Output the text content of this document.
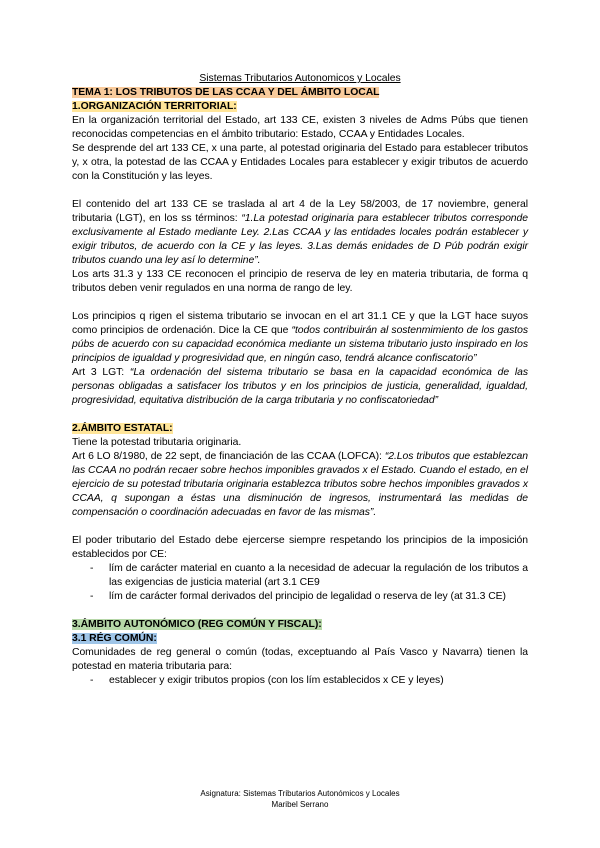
Sistemas Tributarios Autonomicos y Locales
TEMA 1: LOS TRIBUTOS DE LAS CCAA Y DEL ÁMBITO LOCAL
1.ORGANIZACIÓN TERRITORIAL:

En la organización territorial del Estado, art 133 CE, existen 3 niveles de Adms Púbs que tienen reconocidas competencias en el ámbito tributario: Estado, CCAA y Entidades Locales.

Se desprende del art 133 CE, x una parte, al potestad originaria del Estado para establecer tributos y, x otra, la potestad de las CCAA y Entidades Locales para establecer y exigir tributos de acuerdo con la Constitución y las leyes.

El contenido del art 133 CE se traslada al art 4 de la Ley 58/2003, de 17 noviembre, general tributaria (LGT), en los ss términos: “1.La potestad originaria para establecer tributos corresponde exclusivamente al Estado mediante Ley. 2.Las CCAA y las entidades locales podrán establecer y exigir tributos, de acuerdo con la CE y las leyes. 3.Las demás enidades de D Púb podrán exigir tributos cuando una ley así lo determine”.

Los arts 31.3 y 133 CE reconocen el principio de reserva de ley en materia tributaria, de forma q tributos deben venir regulados en una norma de rango de ley.

Los principios q rigen el sistema tributario se invocan en el art 31.1 CE y que la LGT hace suyos como principios de ordenación. Dice la CE que “todos contribuirán al sostenmimiento de los gastos púbs de acuerdo con su capacidad económica mediante un sistema tributario justo inspirado en los principios de igualdad y progresividad que, en ningún caso, tendrá alcance confiscatorio”

Art 3 LGT: “La ordenación del sistema tributario se basa en la capacidad económica de las personas obligadas a satisfacer los tributos y en los principios de justicia, generalidad, igualdad, progresividad, equitativa distribución de la carga tributaria y no confiscatoriedad”

2.ÁMBITO ESTATAL:

Tiene la potestad tributaria originaria.

Art 6 LO 8/1980, de 22 sept, de financiación de las CCAA (LOFCA): “2.Los tributos que establezcan las CCAA no podrán recaer sobre hechos imponibles gravados x el Estado. Cuando el estado, en el ejercicio de su potestad tributaria originaria establezca tributos sobre hechos imponibles gravados x CCAA, q supongan a éstas una disminución de ingresos, instrumentará las medidas de compensación o coordinación adecuadas en favor de las mismas”.

El poder tributario del Estado debe ejercerse siempre respetando los principios de la imposición establecidos por CE:

- lím de carácter material en cuanto a la necesidad de adecuar la regulación de los tributos a las exigencias de justicia material (art 3.1 CE9
- lím de carácter formal derivados del principio de legalidad o reserva de ley (at 31.3 CE)
3.ÁMBITO AUTONÓMICO (REG COMÚN Y FISCAL):
3.1 RÉG COMÚN:

Comunidades de reg general o común (todas, exceptuando al País Vasco y Navarra) tienen la potestad en materia tributaria para:

- establecer y exigir tributos propios (con los lím establecidos x CE y leyes)
Asignatura: Sistemas Tributarios Autonómicos y Locales
Maribel Serrano
